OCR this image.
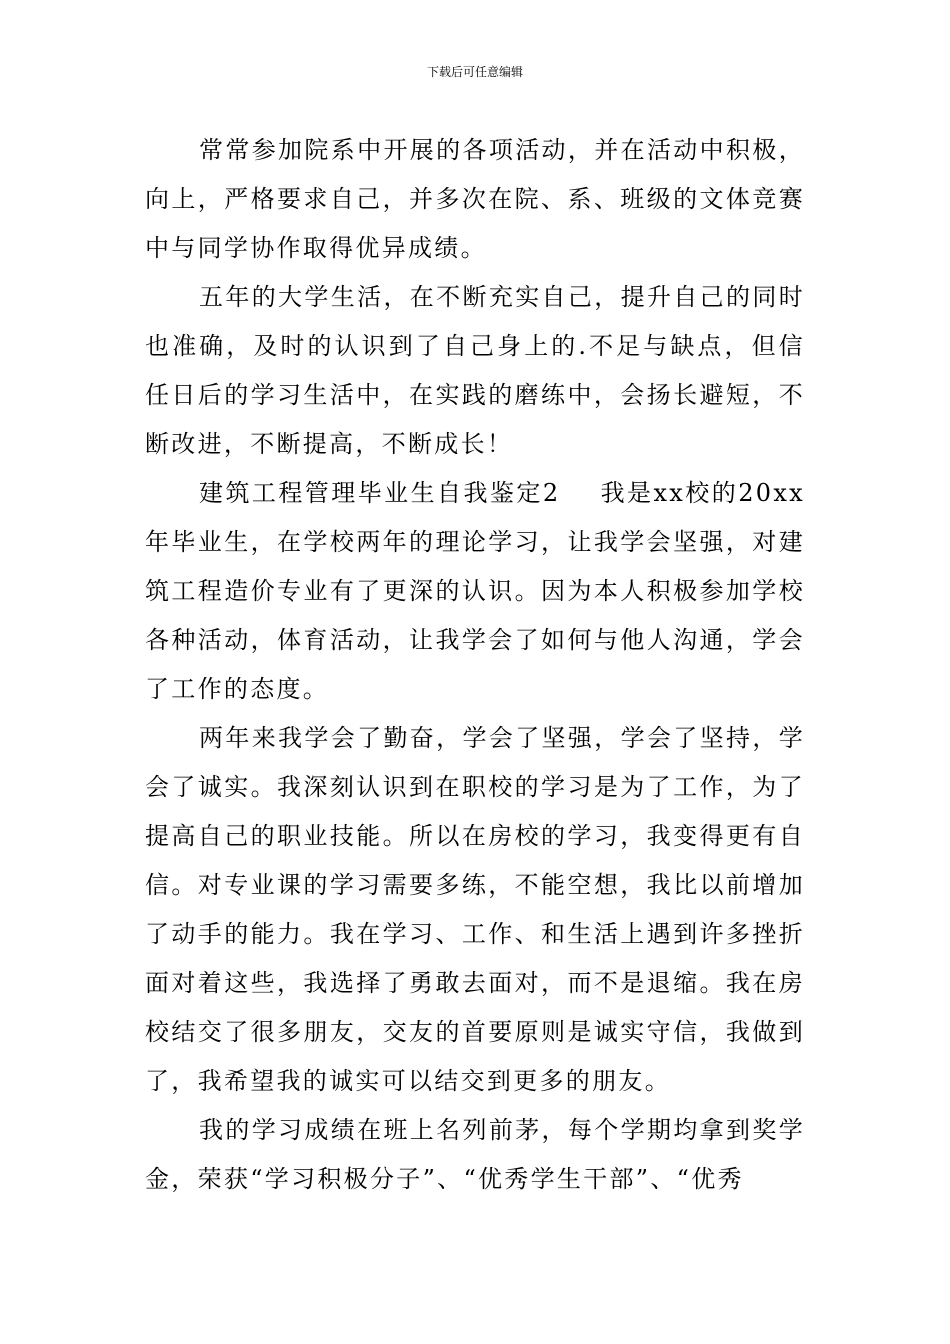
下载后可任意编辑

常常参加院系中开展的各项活动，并在活动中积极，向上，严格要求自己，并多次在院、系、班级的文体竞赛中与同学协作取得优异成绩。

五年的大学生活，在不断充实自己，提升自己的同时也准确，及时的认识到了自己身上的.不足与缺点，但信任日后的学习生活中，在实践的磨练中，会扬长避短，不断改进，不断提高，不断成长！

建筑工程管理毕业生自我鉴定2 我是xx校的20xx年毕业生，在学校两年的理论学习，让我学会坚强，对建筑工程造价专业有了更深的认识。因为本人积极参加学校各种活动，体育活动，让我学会了如何与他人沟通，学会了工作的态度。

两年来我学会了勤奋，学会了坚强，学会了坚持，学会了诚实。我深刻认识到在职校的学习是为了工作，为了提高自己的职业技能。所以在房校的学习，我变得更有自信。对专业课的学习需要多练，不能空想，我比以前增加了动手的能力。我在学习、工作、和生活上遇到许多挫折面对着这些，我选择了勇敢去面对，而不是退缩。我在房校结交了很多朋友，交友的首要原则是诚实守信，我做到了，我希望我的诚实可以结交到更多的朋友。

我的学习成绩在班上名列前茅，每个学期均拿到奖学金，荣获“学习积极分子”、“优秀学生干部”、“优秀
